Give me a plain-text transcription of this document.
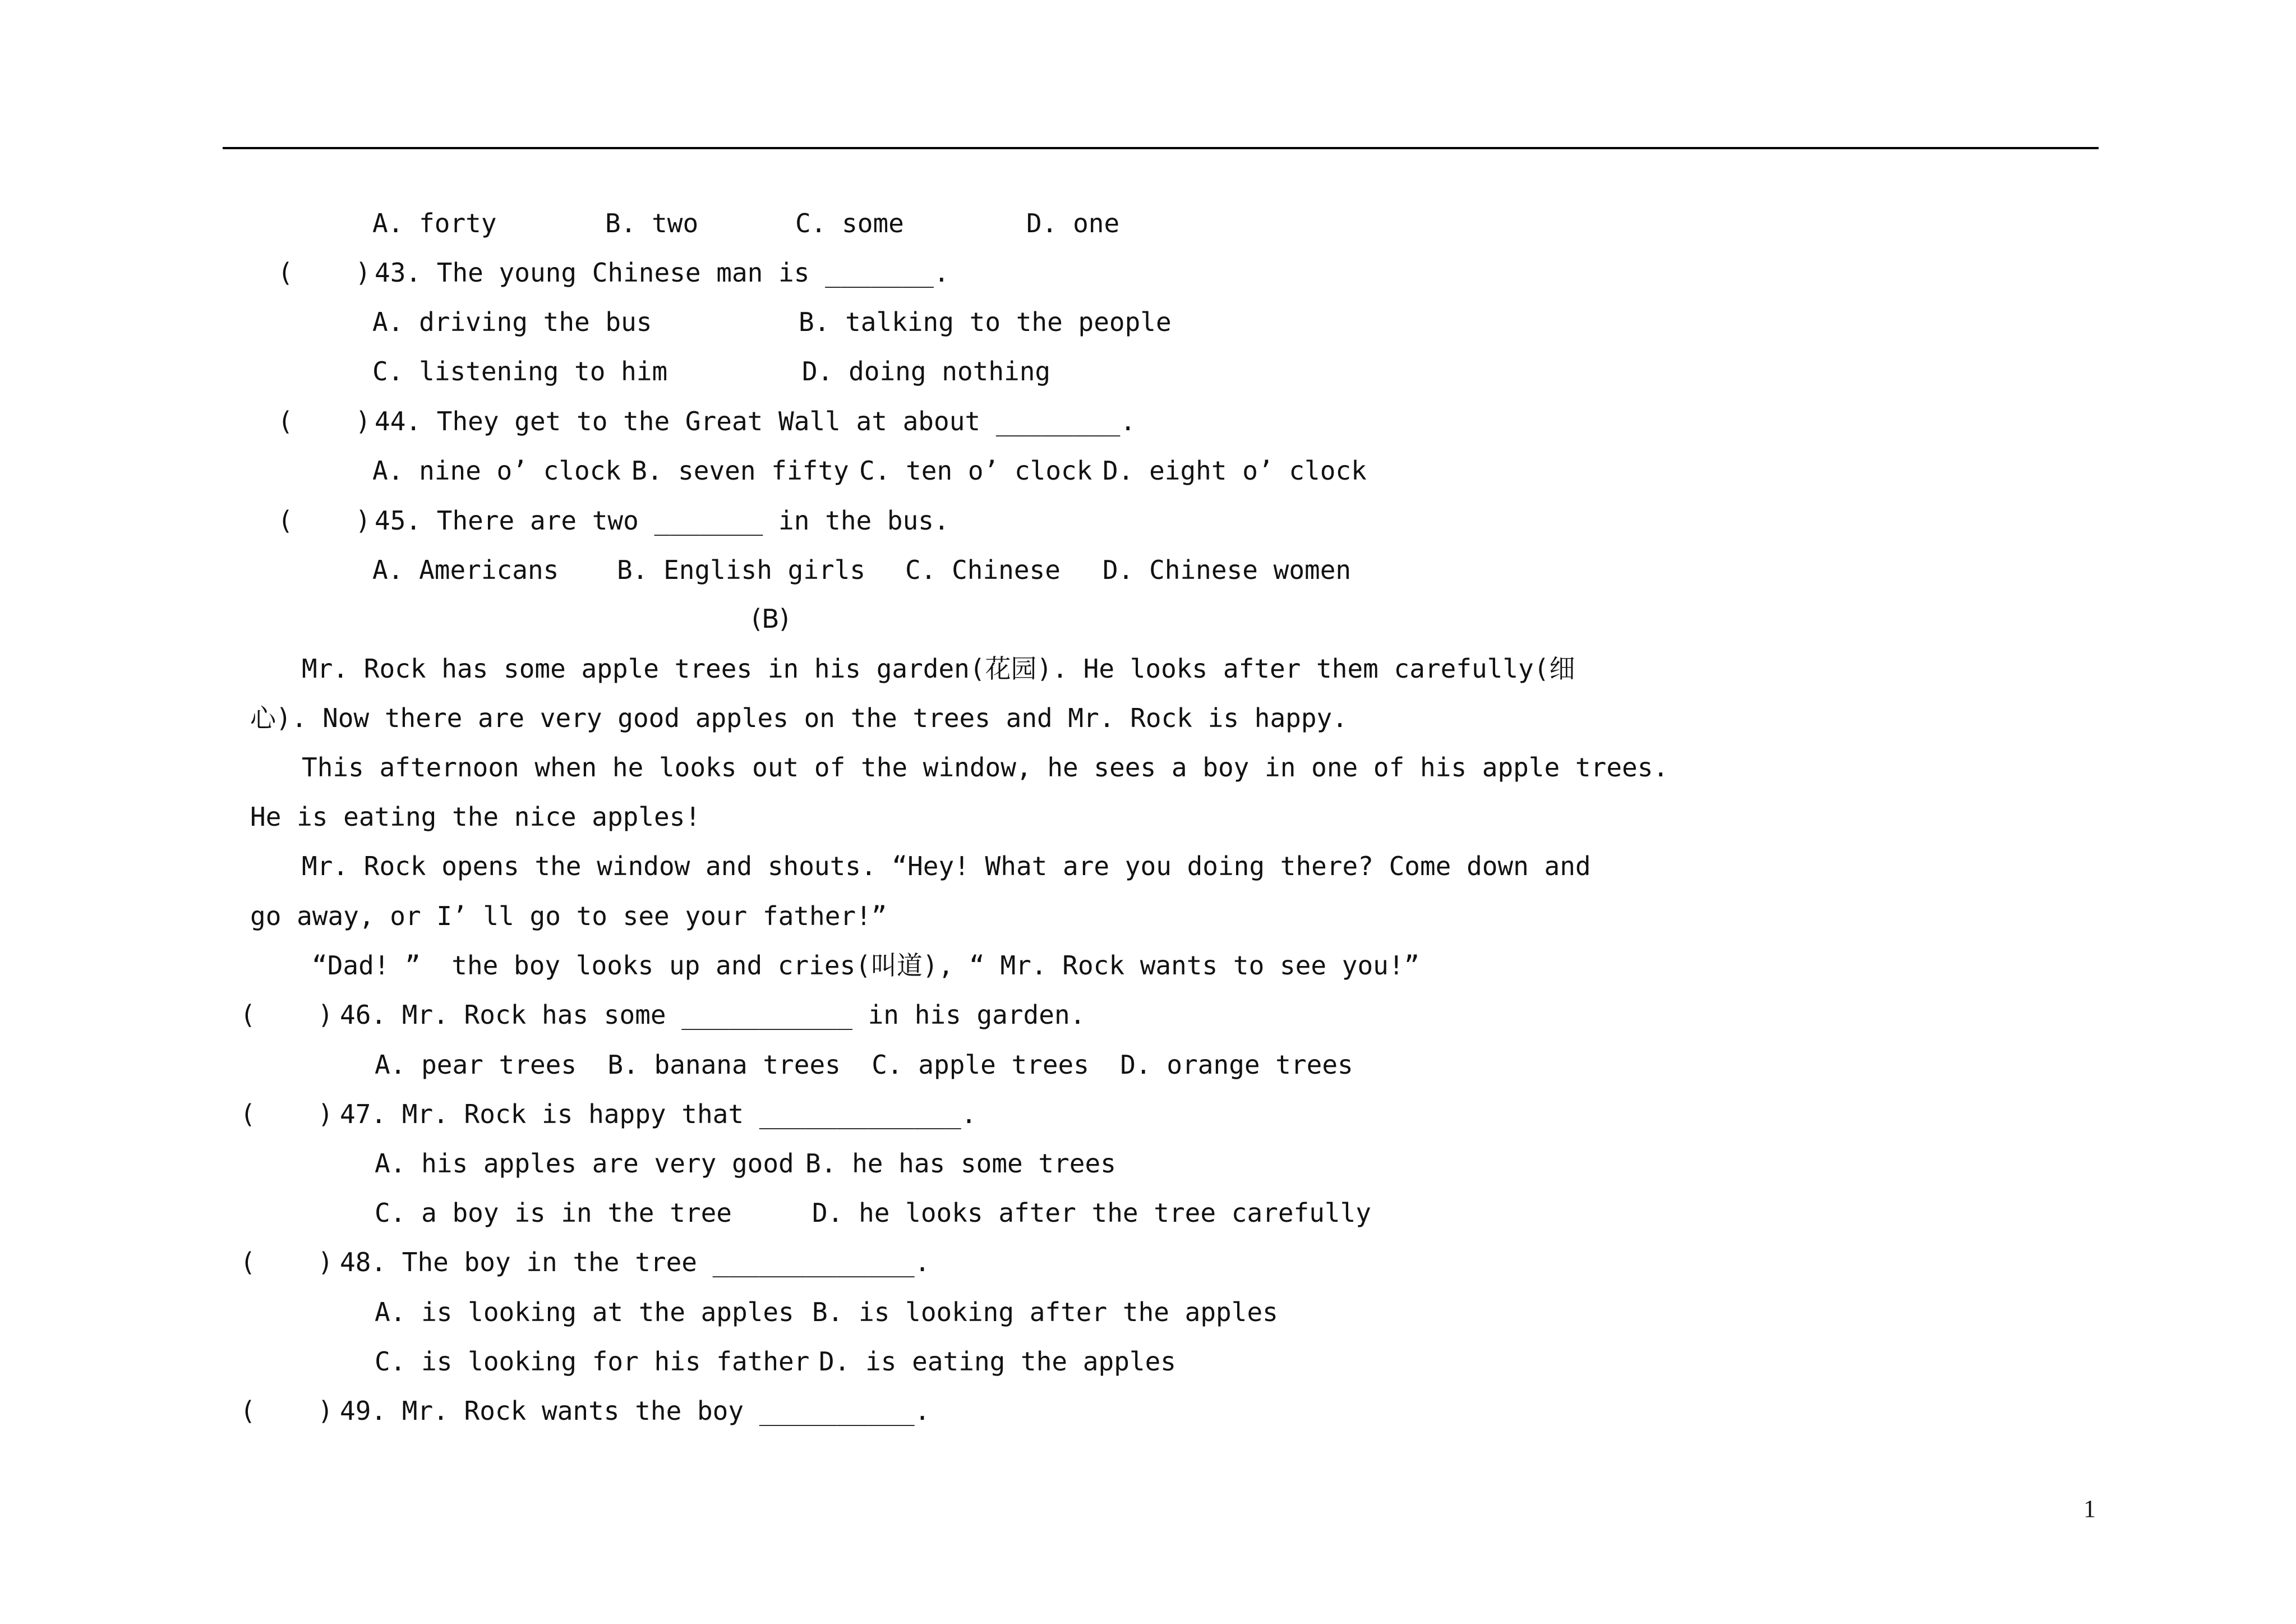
A. forty	B. two	C. some	D. one
(    ) 43. The young Chinese man is _______.
A. driving the bus	B. talking to the people
C. listening to him	D. doing nothing
(    ) 44. They get to the Great Wall at about ________.
A. nine o’ clock B. seven fifty C. ten o’ clock D. eight o’ clock
(    ) 45. There are two _______ in the bus.
A. Americans B. English girls C. Chinese D. Chinese women
(B)
Mr. Rock has some apple trees in his garden(花园). He looks after them carefully(细
心). Now there are very good apples on the trees and Mr. Rock is happy.
This afternoon when he looks out of the window, he sees a boy in one of his apple trees.
He is eating the nice apples!
Mr. Rock opens the window and shouts. “Hey! What are you doing there? Come down and
go away, or I’ ll go to see your father!”
“Dad! ”  the boy looks up and cries(叫道), “ Mr. Rock wants to see you!”
(    ) 46. Mr. Rock has some ___________ in his garden.
A. pear trees  B. banana trees  C. apple trees  D. orange trees
(    ) 47. Mr. Rock is happy that _____________.
A. his apples are very good B. he has some trees
C. a boy is in the tree	D. he looks after the tree carefully
(    ) 48. The boy in the tree _____________.
A. is looking at the apples B. is looking after the apples
C. is looking for his father D. is eating the apples
(    ) 49. Mr. Rock wants the boy __________.
1
